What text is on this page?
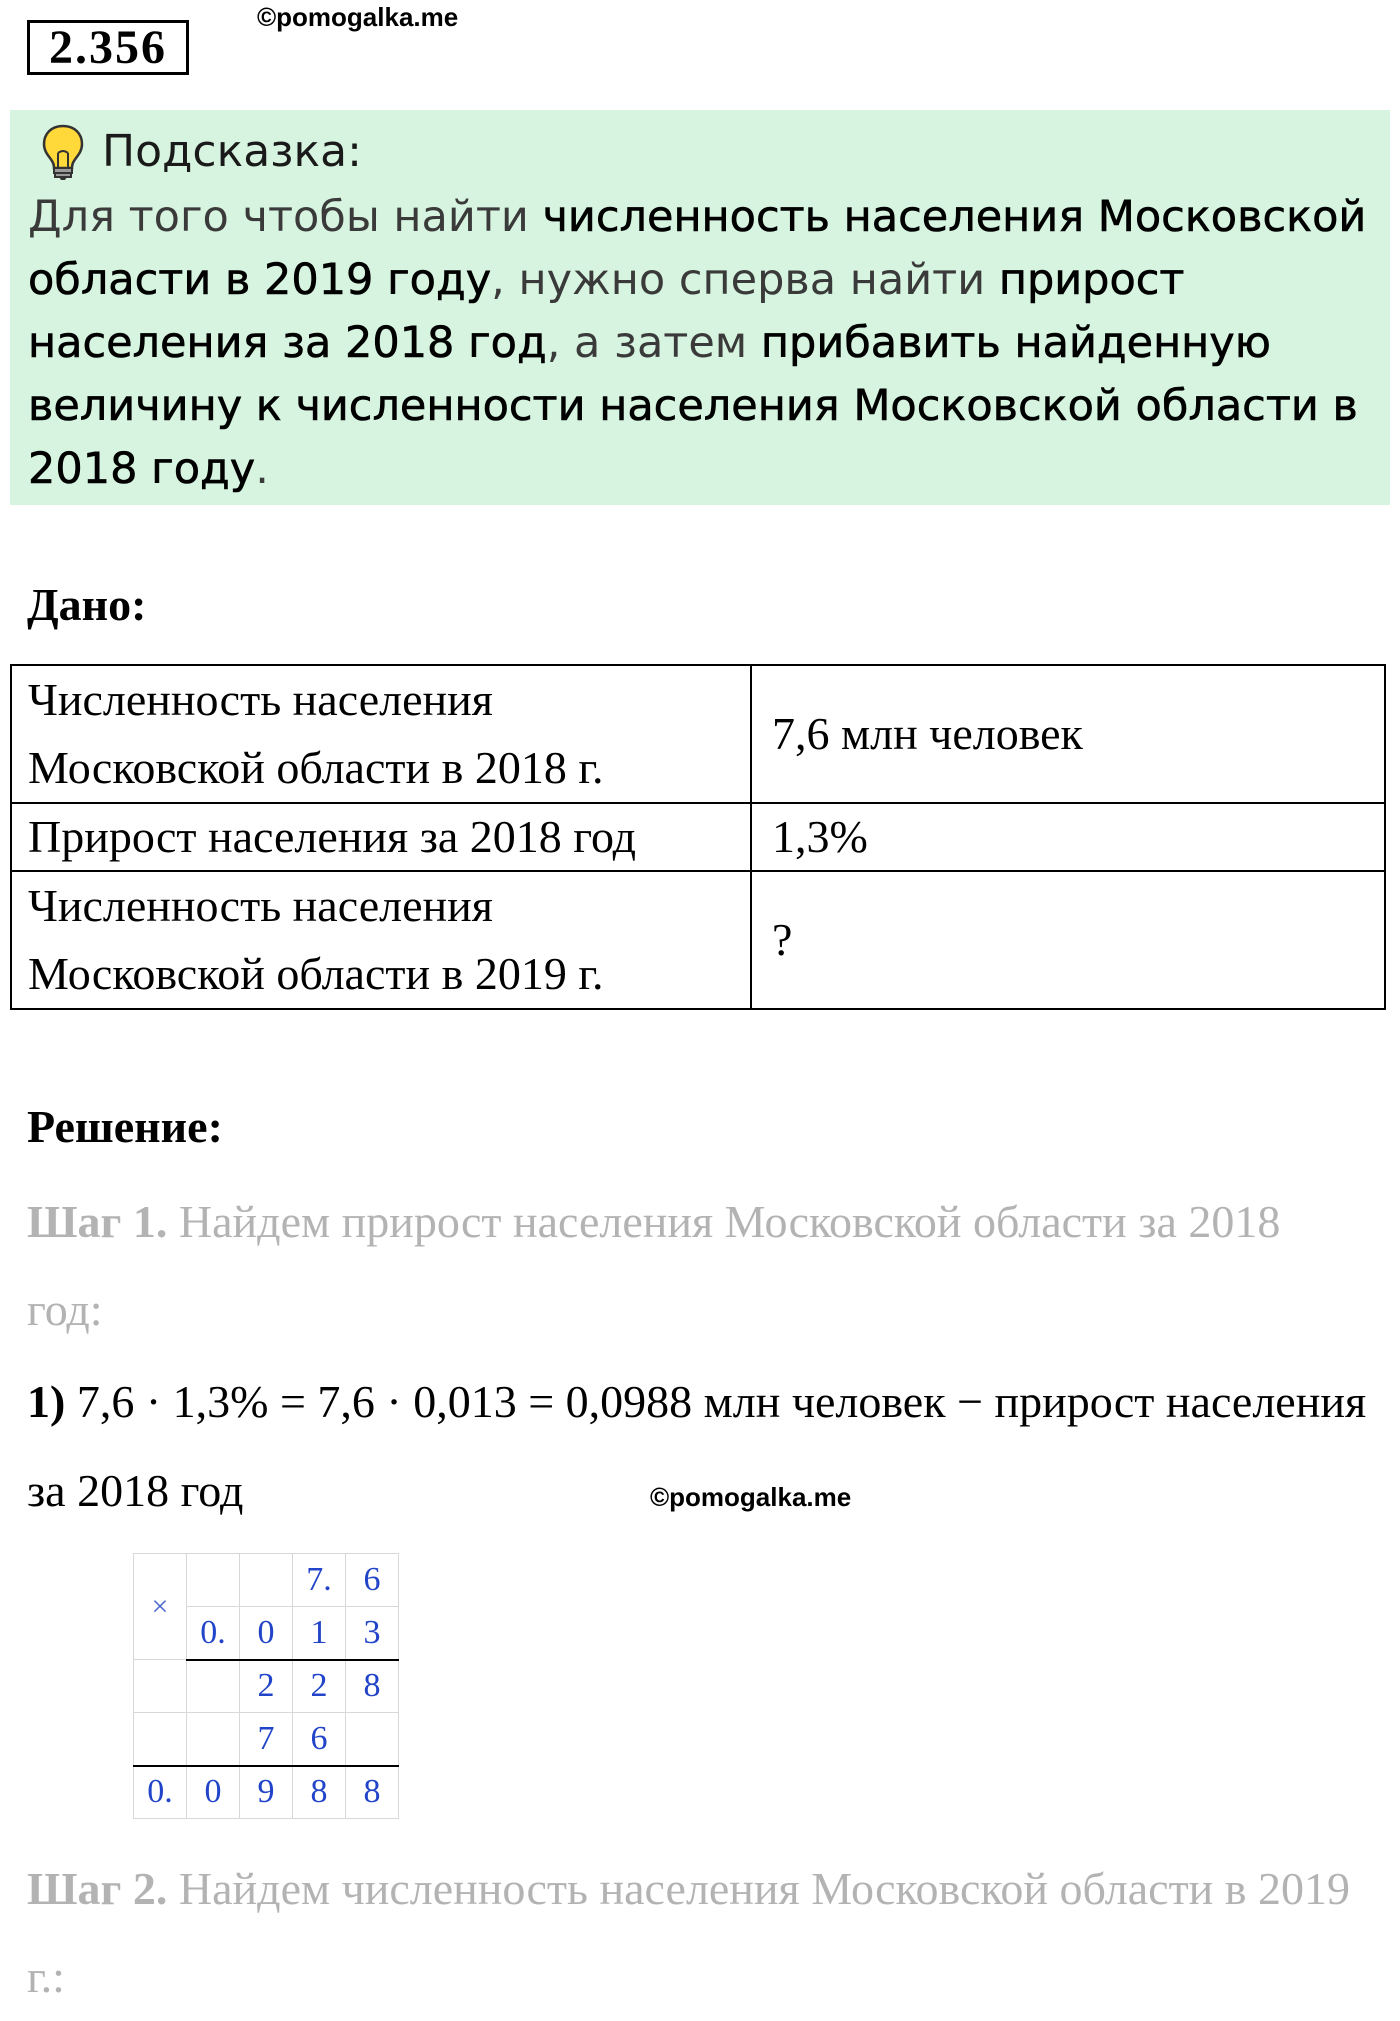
2.356
©pomogalka.me
Подсказка:
Для того чтобы найти численность населения Московской области в 2019 году, нужно сперва найти прирост населения за 2018 год, а затем прибавить найденную величину к численности населения Московской области в 2018 году.
Дано:
Численность населения
Московской области в 2018 г.	7,6 млн человек
Прирост населения за 2018 год	1,3%

Численность населения
Московской области в 2019 г.	?
Решение:
Шаг 1. Найдем прирост населения Московской области за 2018 год:
1) 7,6 · 1,3% = 7,6 · 0,013 = 0,0988 млн человек − прирост населения за 2018 год	©pomogalka.me
×			7.	6
	0.	0	1	3
		2	2	8
		7	6	
0.	0	9	8	8
Шаг 2. Найдем численность населения Московской области в 2019 г.:
